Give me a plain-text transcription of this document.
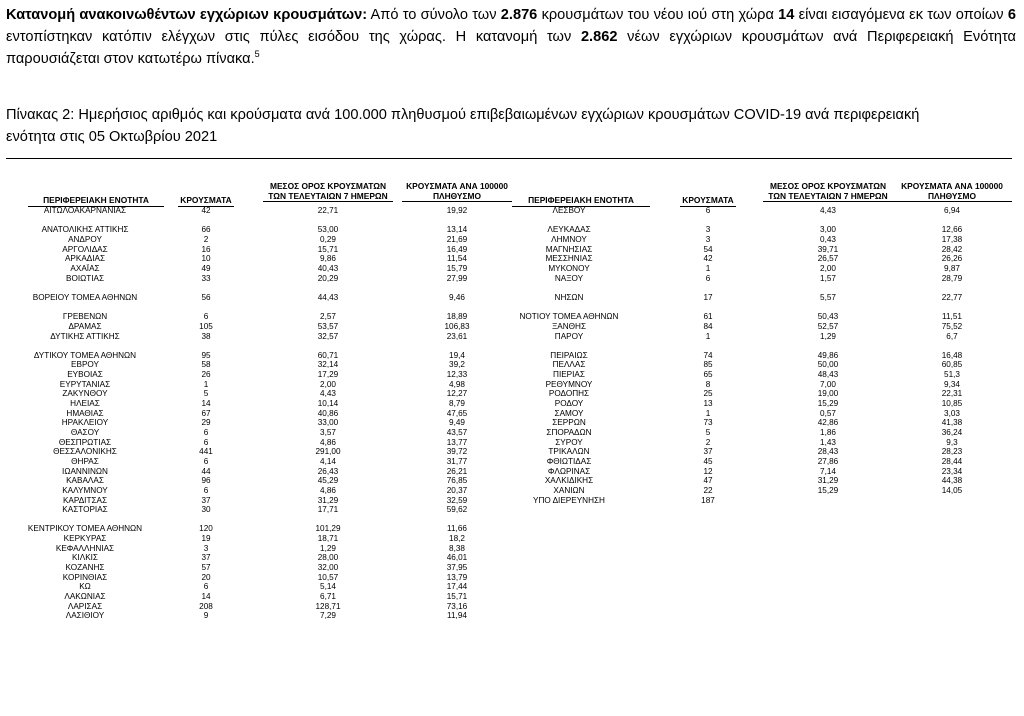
Κατανομή ανακοινωθέντων εγχώριων κρουσμάτων: Από το σύνολο των 2.876 κρουσμάτων του νέου ιού στη χώρα 14 είναι εισαγόμενα εκ των οποίων 6 εντοπίστηκαν κατόπιν ελέγχων στις πύλες εισόδου της χώρας. Η κατανομή των 2.862 νέων εγχώριων κρουσμάτων ανά Περιφερειακή Ενότητα παρουσιάζεται στον κατωτέρω πίνακα.$^5$
Πίνακας 2: Ημερήσιος αριθμός και κρούσματα ανά 100.000 πληθυσμού επιβεβαιωμένων εγχώριων κρουσμάτων COVID-19 ανά περιφερειακή
ενότητα στις 05 Οκτωβρίου 2021
ΠΕΡΙΦΕΡΕΙΑΚΗ ΕΝΟΤΗΤΑ	ΚΡΟΥΣΜΑΤΑ
ΜΕΣΟΣ ΟΡΟΣ ΚΡΟΥΣΜΑΤΩΝ
ΤΩΝ ΤΕΛΕΥΤΑΙΩΝ 7 ΗΜΕΡΩΝ
ΚΡΟΥΣΜΑΤΑ ΑΝΑ 100000
ΠΛΗΘΥΣΜΟ
ΑΙΤΩΛΟΑΚΑΡΝΑΝΙΑΣ	42	22,71	19,92
ΑΝΑΤΟΛΙΚΗΣ ΑΤΤΙΚΗΣ	66	53,00	13,14
ΑΝΔΡΟΥ	2	0,29	21,69
ΑΡΓΟΛΙΔΑΣ	16	15,71	16,49
ΑΡΚΑΔΙΑΣ	10	9,86	11,54
ΑΧΑΪΑΣ	49	40,43	15,79
ΒΟΙΩΤΙΑΣ	33	20,29	27,99
ΒΟΡΕΙΟΥ ΤΟΜΕΑ ΑΘΗΝΩΝ	56	44,43	9,46
ΓΡΕΒΕΝΩΝ	6	2,57	18,89
ΔΡΑΜΑΣ	105	53,57	106,83
ΔΥΤΙΚΗΣ ΑΤΤΙΚΗΣ	38	32,57	23,61
ΔΥΤΙΚΟΥ ΤΟΜΕΑ ΑΘΗΝΩΝ	95	60,71	19,4
ΕΒΡΟΥ	58	32,14	39,2
ΕΥΒΟΙΑΣ	26	17,29	12,33
ΕΥΡΥΤΑΝΙΑΣ	1	2,00	4,98
ΖΑΚΥΝΘΟΥ	5	4,43	12,27
ΗΛΕΙΑΣ	14	10,14	8,79
ΗΜΑΘΙΑΣ	67	40,86	47,65
ΗΡΑΚΛΕΙΟΥ	29	33,00	9,49
ΘΑΣΟΥ	6	3,57	43,57
ΘΕΣΠΡΩΤΙΑΣ	6	4,86	13,77
ΘΕΣΣΑΛΟΝΙΚΗΣ	441	291,00	39,72
ΘΗΡΑΣ	6	4,14	31,77
ΙΩΑΝΝΙΝΩΝ	44	26,43	26,21
ΚΑΒΑΛΑΣ	96	45,29	76,85
ΚΑΛΥΜΝΟΥ	6	4,86	20,37
ΚΑΡΔΙΤΣΑΣ	37	31,29	32,59
ΚΑΣΤΟΡΙΑΣ	30	17,71	59,62
ΚΕΝΤΡΙΚΟΥ ΤΟΜΕΑ ΑΘΗΝΩΝ	120	101,29	11,66
ΚΕΡΚΥΡΑΣ	19	18,71	18,2
ΚΕΦΑΛΛΗΝΙΑΣ	3	1,29	8,38
ΚΙΛΚΙΣ	37	28,00	46,01
ΚΟΖΑΝΗΣ	57	32,00	37,95
ΚΟΡΙΝΘΙΑΣ	20	10,57	13,79
ΚΩ	6	5,14	17,44
ΛΑΚΩΝΙΑΣ	14	6,71	15,71
ΛΑΡΙΣΑΣ	208	128,71	73,16
ΛΑΣΙΘΙΟΥ	9	7,29	11,94
ΠΕΡΙΦΕΡΕΙΑΚΗ ΕΝΟΤΗΤΑ	ΚΡΟΥΣΜΑΤΑ
ΜΕΣΟΣ ΟΡΟΣ ΚΡΟΥΣΜΑΤΩΝ
ΤΩΝ ΤΕΛΕΥΤΑΙΩΝ 7 ΗΜΕΡΩΝ
ΚΡΟΥΣΜΑΤΑ ΑΝΑ 100000
ΠΛΗΘΥΣΜΟ
ΛΕΣΒΟΥ	6	4,43	6,94
ΛΕΥΚΑΔΑΣ	3	3,00	12,66
ΛΗΜΝΟΥ	3	0,43	17,38
ΜΑΓΝΗΣΙΑΣ	54	39,71	28,42
ΜΕΣΣΗΝΙΑΣ	42	26,57	26,26
ΜΥΚΟΝΟΥ	1	2,00	9,87
ΝΑΞΟΥ	6	1,57	28,79
ΝΗΣΩΝ	17	5,57	22,77
ΝΟΤΙΟΥ ΤΟΜΕΑ ΑΘΗΝΩΝ	61	50,43	11,51
ΞΑΝΘΗΣ	84	52,57	75,52
ΠΑΡΟΥ	1	1,29	6,7
ΠΕΙΡΑΙΩΣ	74	49,86	16,48
ΠΕΛΛΑΣ	85	50,00	60,85
ΠΙΕΡΙΑΣ	65	48,43	51,3
ΡΕΘΥΜΝΟΥ	8	7,00	9,34
ΡΟΔΟΠΗΣ	25	19,00	22,31
ΡΟΔΟΥ	13	15,29	10,85
ΣΑΜΟΥ	1	0,57	3,03
ΣΕΡΡΩΝ	73	42,86	41,38
ΣΠΟΡΑΔΩΝ	5	1,86	36,24
ΣΥΡΟΥ	2	1,43	9,3
ΤΡΙΚΑΛΩΝ	37	28,43	28,23
ΦΘΙΩΤΙΔΑΣ	45	27,86	28,44
ΦΛΩΡΙΝΑΣ	12	7,14	23,34
ΧΑΛΚΙΔΙΚΗΣ	47	31,29	44,38
ΧΑΝΙΩΝ	22	15,29	14,05
ΥΠΟ ΔΙΕΡΕΥΝΗΣΗ	187
